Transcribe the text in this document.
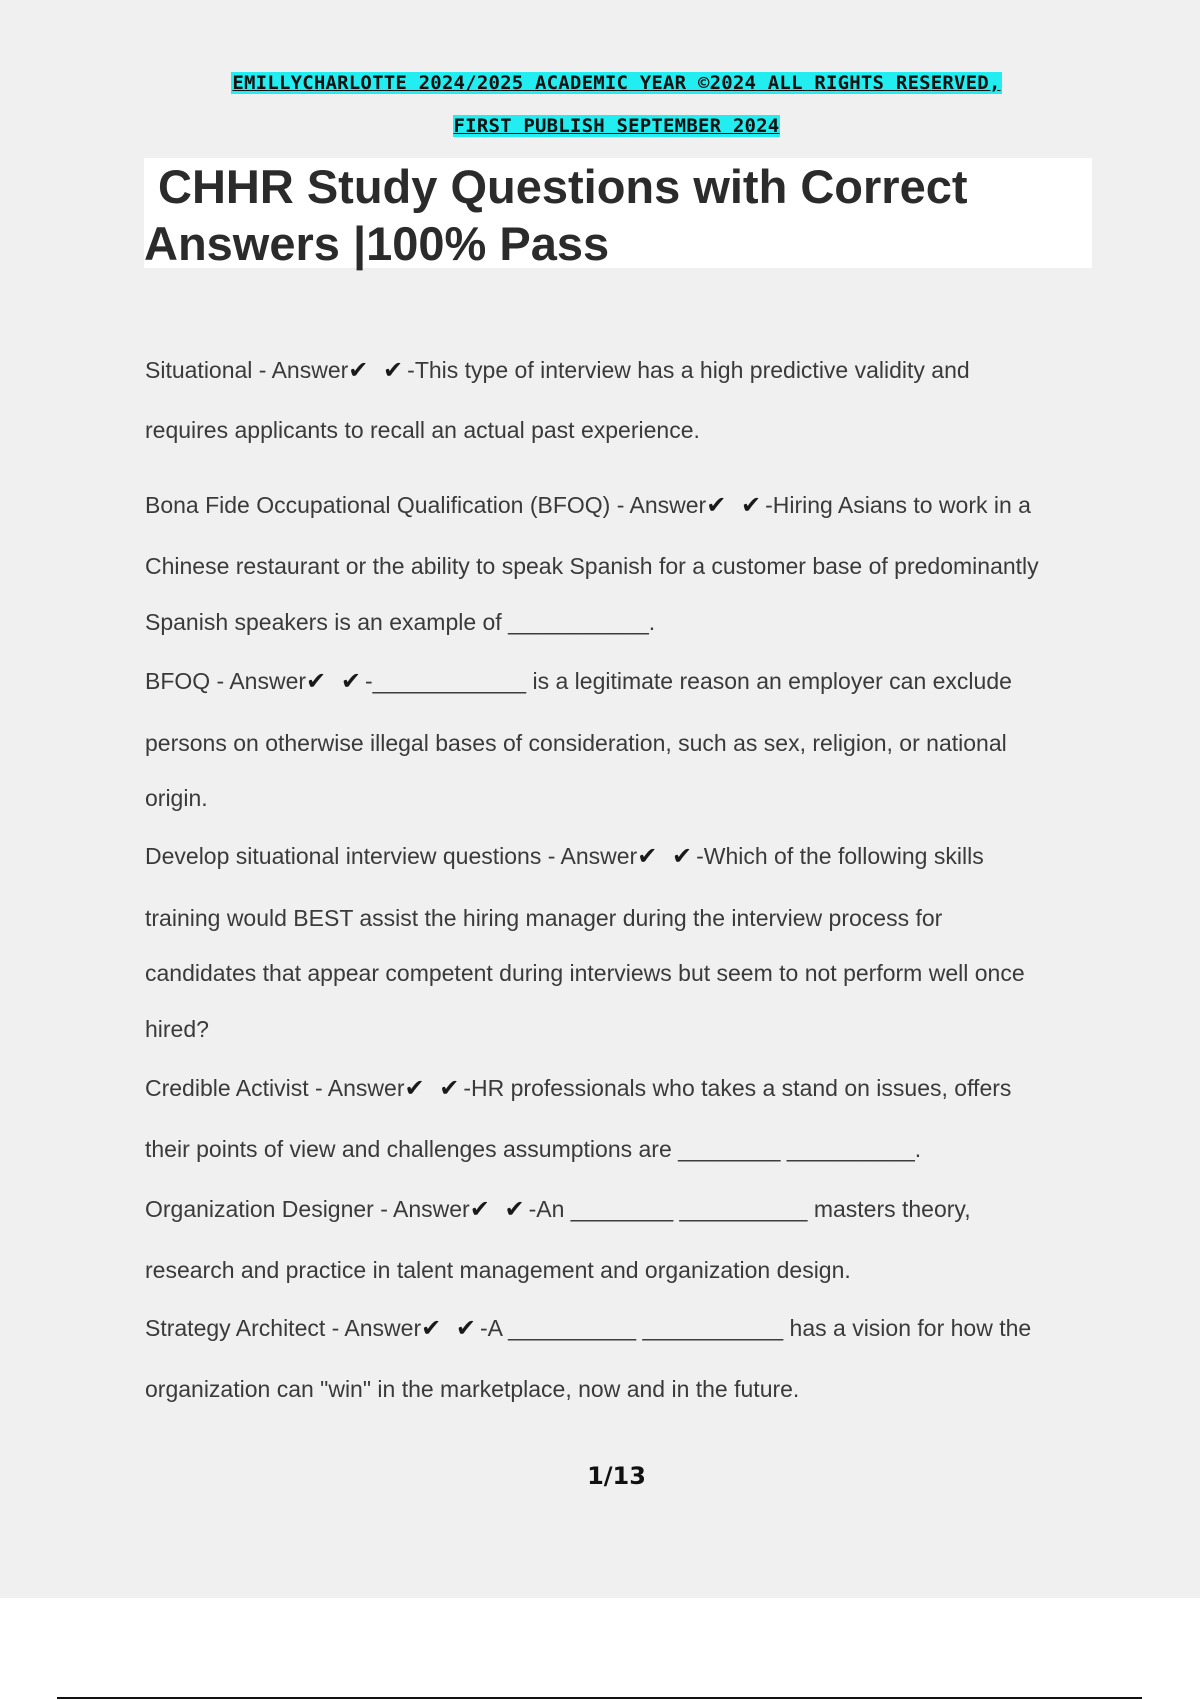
EMILLYCHARLOTTE 2024/2025 ACADEMIC YEAR ©2024 ALL RIGHTS RESERVED,
FIRST PUBLISH SEPTEMBER 2024
CHHR Study Questions with Correct
Answers |100% Pass
Situational - Answer✔ ✔-This type of interview has a high predictive validity and
requires applicants to recall an actual past experience.
Bona Fide Occupational Qualification (BFOQ) - Answer✔ ✔-Hiring Asians to work in a
Chinese restaurant or the ability to speak Spanish for a customer base of predominantly
Spanish speakers is an example of ___________.
BFOQ - Answer✔ ✔-____________ is a legitimate reason an employer can exclude
persons on otherwise illegal bases of consideration, such as sex, religion, or national
origin.
Develop situational interview questions - Answer✔ ✔-Which of the following skills
training would BEST assist the hiring manager during the interview process for
candidates that appear competent during interviews but seem to not perform well once
hired?
Credible Activist - Answer✔ ✔-HR professionals who takes a stand on issues, offers
their points of view and challenges assumptions are ________ __________.
Organization Designer - Answer✔ ✔-An ________ __________ masters theory,
research and practice in talent management and organization design.
Strategy Architect - Answer✔ ✔-A __________ ___________ has a vision for how the
organization can "win" in the marketplace, now and in the future.
1/13
